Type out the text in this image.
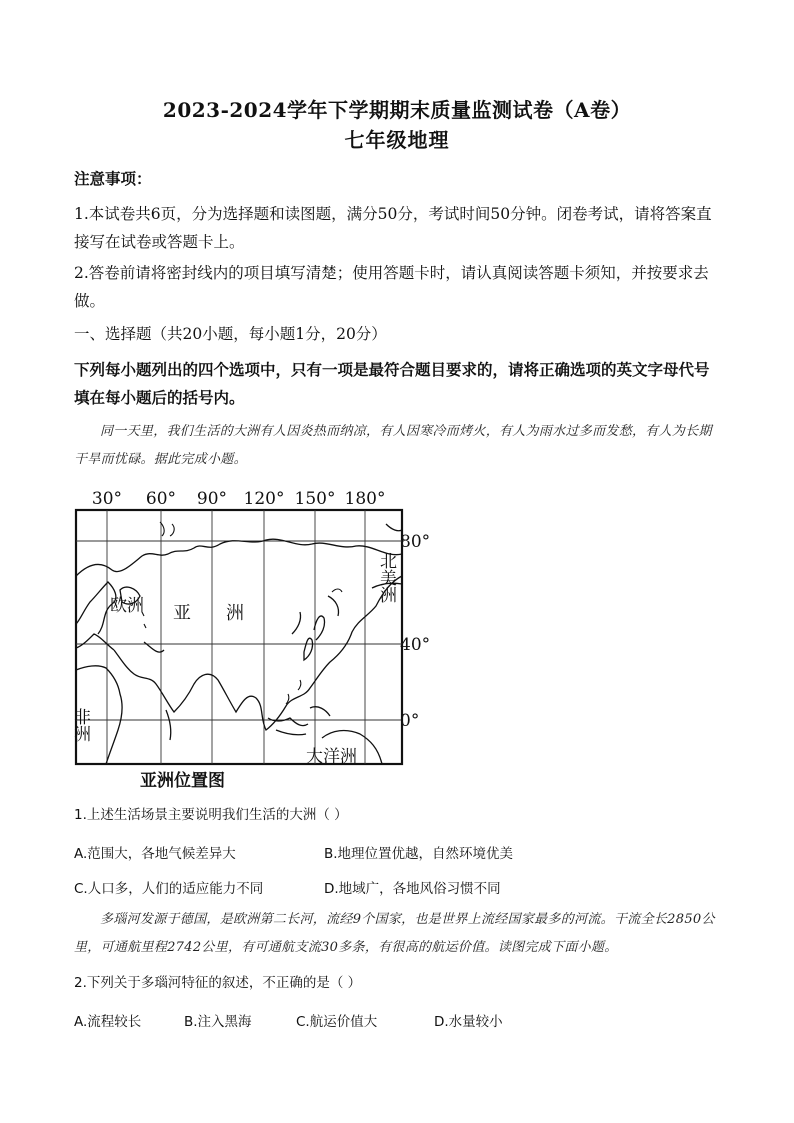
2023-2024学年下学期期末质量监测试卷（A卷）
七年级地理
注意事项：
1.本试卷共6页，分为选择题和读图题，满分50分，考试时间50分钟。闭卷考试，请将答案直接写在试卷或答题卡上。
2.答卷前请将密封线内的项目填写清楚；使用答题卡时，请认真阅读答题卡须知，并按要求去做。
一、选择题（共20小题，每小题1分，20分）
下列每小题列出的四个选项中，只有一项是最符合题目要求的，请将正确选项的英文字母代号填在每小题后的括号内。
同一天里，我们生活的大洲有人因炎热而纳凉，有人因寒冷而烤火，有人为雨水过多而发愁，有人为长期干旱而忧碌。据此完成小题。
30° 60° 90° 120° 150° 180°
80°
40°
0°
北美洲
欧洲 亚 洲
非洲
大洋洲
亚洲位置图
1.上述生活场景主要说明我们生活的大洲（ ）
A.范围大，各地气候差异大	B.地理位置优越，自然环境优美
C.人口多，人们的适应能力不同	D.地域广，各地风俗习惯不同
多瑙河发源于德国，是欧洲第二长河，流经9个国家，也是世界上流经国家最多的河流。干流全长2850公里，可通航里程2742公里，有可通航支流30多条，有很高的航运价值。读图完成下面小题。
2.下列关于多瑙河特征的叙述，不正确的是（ ）
A.流程较长	B.注入黑海	C.航运价值大	D.水量较小
